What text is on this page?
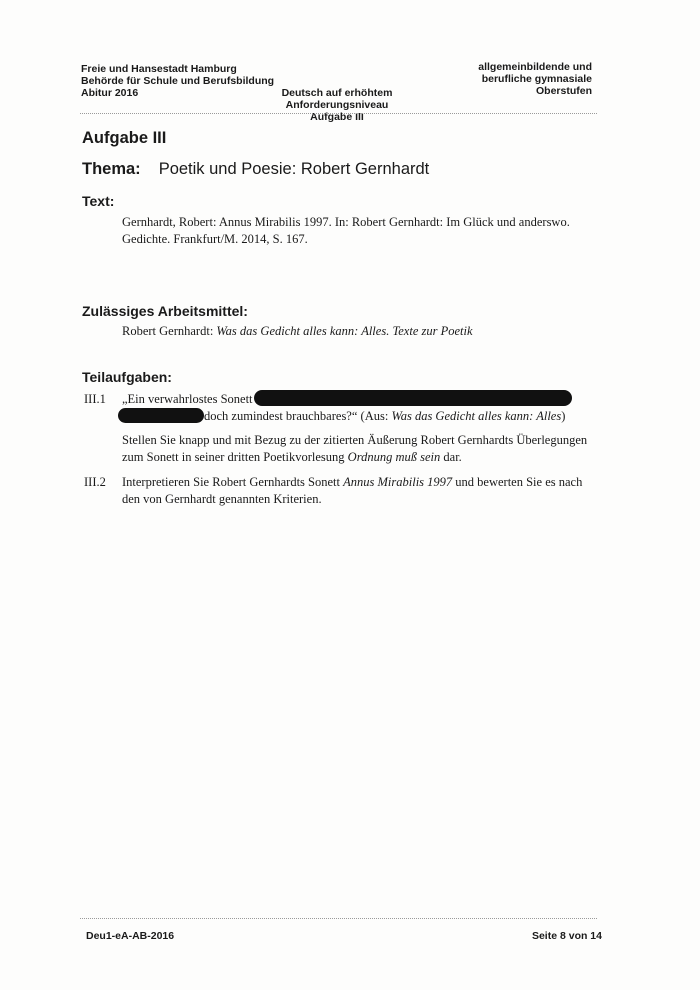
Freie und Hansestadt Hamburg
Behörde für Schule und Berufsbildung
Abitur 2016	Deutsch auf erhöhtem Anforderungsniveau
Aufgabe III
allgemeinbildende und
berufliche gymnasiale
Oberstufen
Aufgabe III
Thema: Poetik und Poesie: Robert Gernhardt
Text:
Gernhardt, Robert: Annus Mirabilis 1997. In: Robert Gernhardt: Im Glück und anderswo.
Gedichte. Frankfurt/M. 2014, S. 167.
Zulässiges Arbeitsmittel:
Robert Gernhardt: Was das Gedicht alles kann: Alles. Texte zur Poetik
Teilaufgaben:
III.1 „Ein verwahrlostes Sonett
doch zumindest brauchbares?“ (Aus: Was das Gedicht alles kann: Alles)
Stellen Sie knapp und mit Bezug zu der zitierten Äußerung Robert Gernhardts Überlegungen
zum Sonett in seiner dritten Poetikvorlesung Ordnung muß sein dar.
III.2 Interpretieren Sie Robert Gernhardts Sonett Annus Mirabilis 1997 und bewerten Sie es nach
den von Gernhardt genannten Kriterien.
Deu1-eA-AB-2016	Seite 8 von 14
